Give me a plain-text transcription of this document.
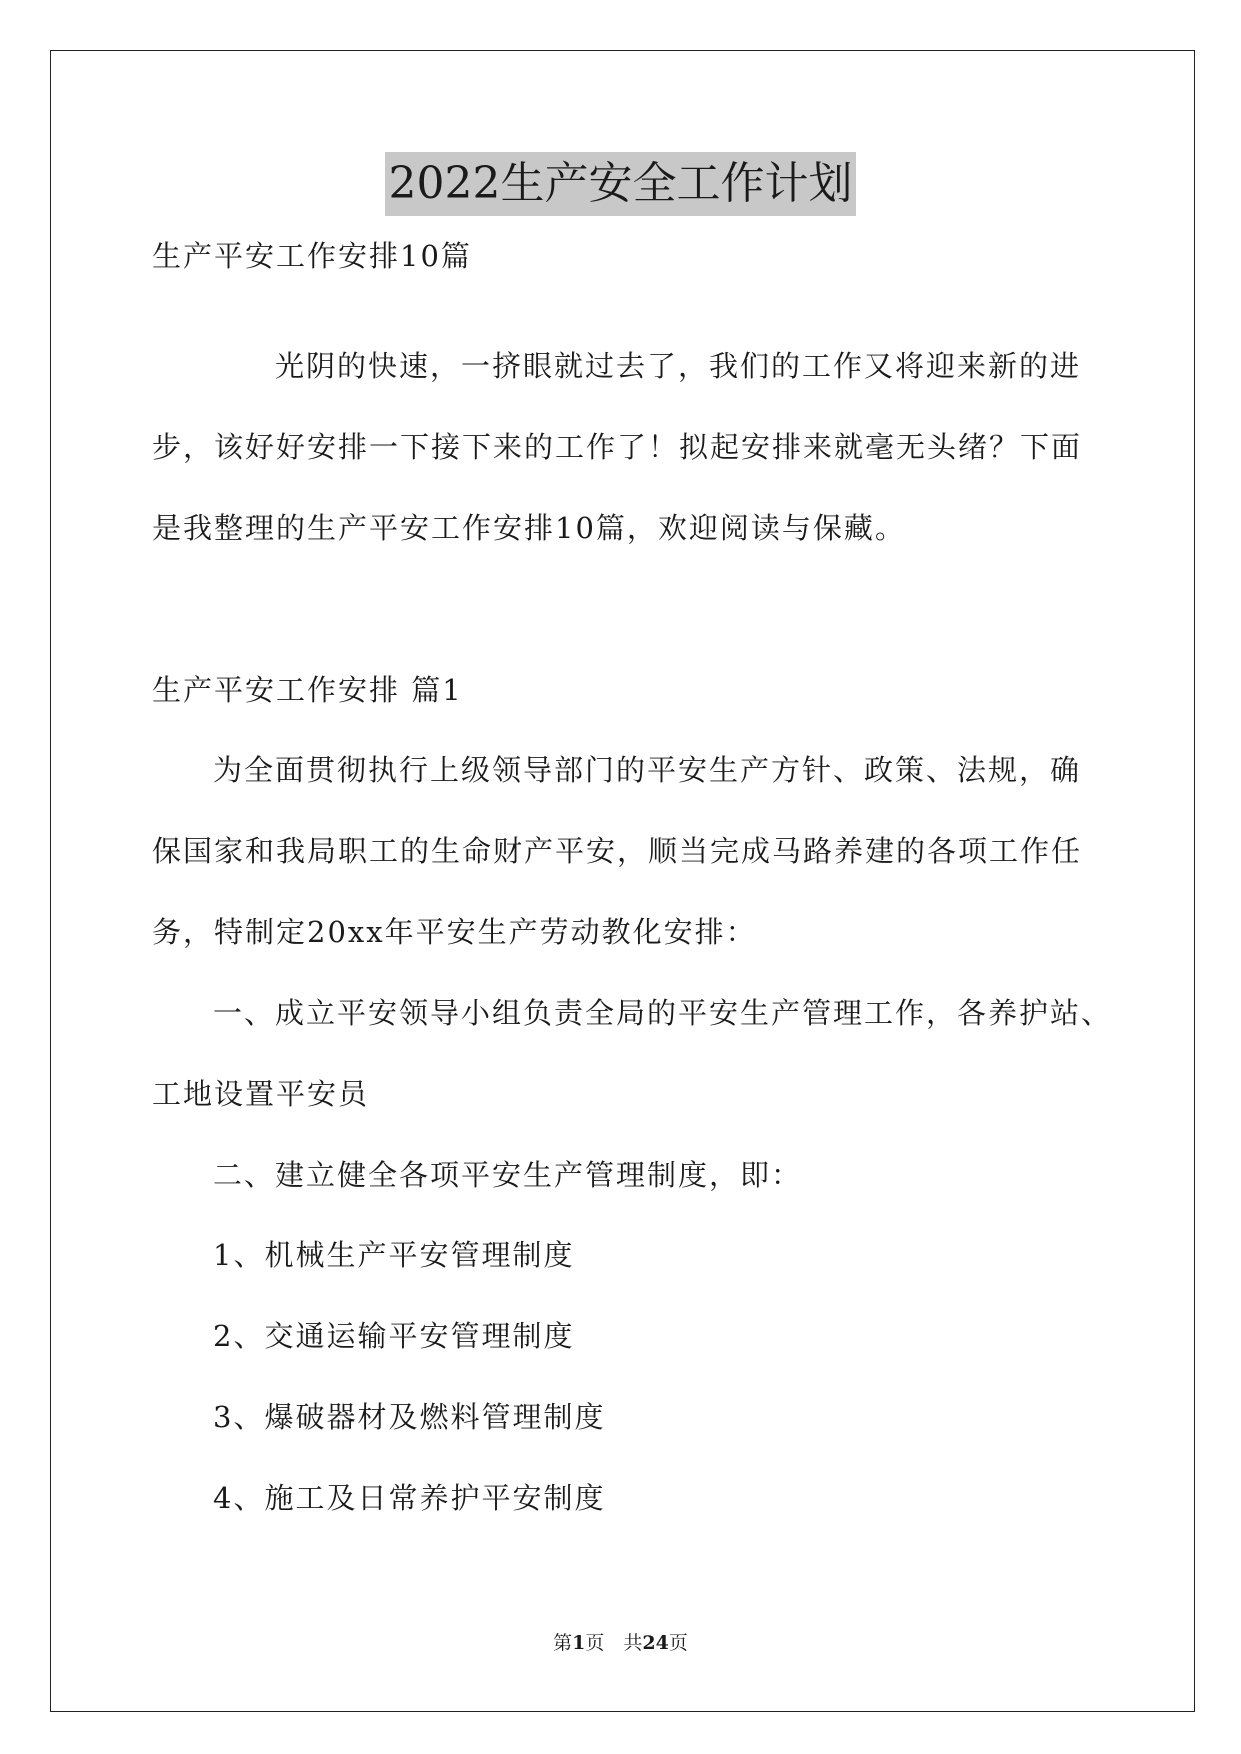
2022生产安全工作计划
生产平安工作安排10篇
光阴的快速，一挤眼就过去了，我们的工作又将迎来新的进
步，该好好安排一下接下来的工作了！拟起安排来就毫无头绪？下面
是我整理的生产平安工作安排10篇，欢迎阅读与保藏。
生产平安工作安排 篇1
为全面贯彻执行上级领导部门的平安生产方针、政策、法规，确
保国家和我局职工的生命财产平安，顺当完成马路养建的各项工作任
务，特制定20xx年平安生产劳动教化安排：
一、成立平安领导小组负责全局的平安生产管理工作，各养护站、
工地设置平安员
二、建立健全各项平安生产管理制度，即：
1、机械生产平安管理制度
2、交通运输平安管理制度
3、爆破器材及燃料管理制度
4、施工及日常养护平安制度
第1页　共24页
